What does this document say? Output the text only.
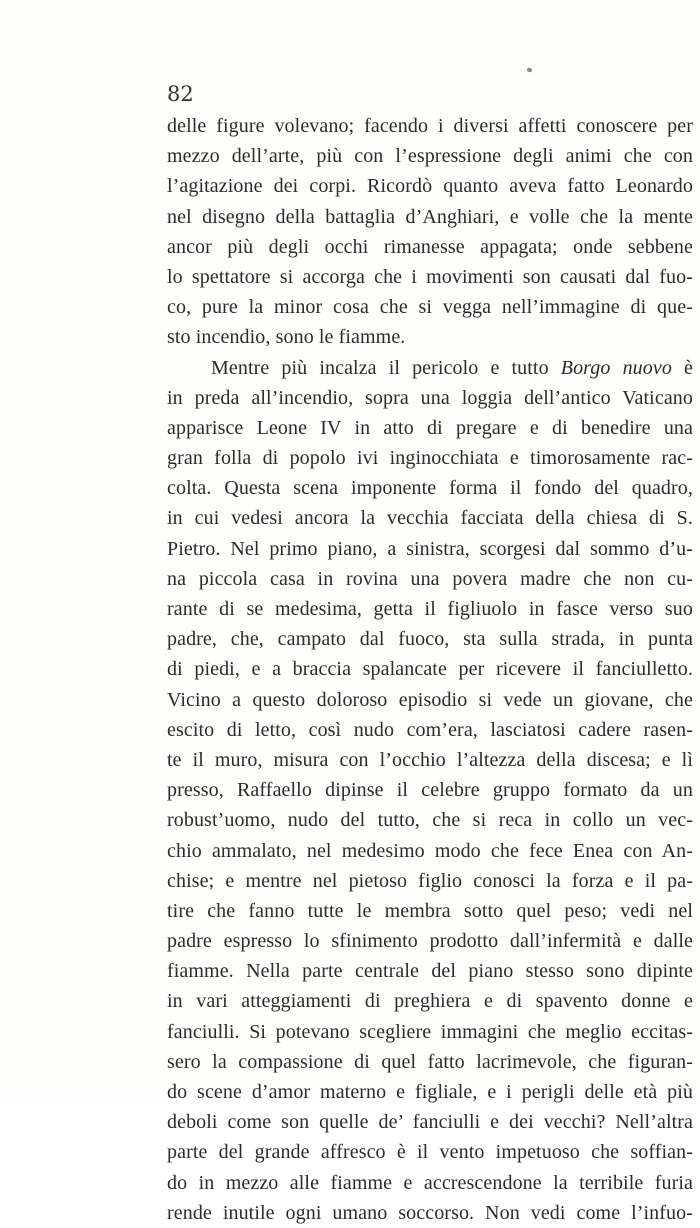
82
delle figure volevano; facendo i diversi affetti conoscere per
mezzo dell’arte, più con l’espressione degli animi che con
l’agitazione dei corpi. Ricordò quanto aveva fatto Leonardo
nel disegno della battaglia d’Anghiari, e volle che la mente
ancor più degli occhi rimanesse appagata; onde sebbene
lo spettatore si accorga che i movimenti son causati dal fuo-
co, pure la minor cosa che si vegga nell’immagine di que-
sto incendio, sono le fiamme.
Mentre più incalza il pericolo e tutto Borgo nuovo è
in preda all’incendio, sopra una loggia dell’antico Vaticano
apparisce Leone IV in atto di pregare e di benedire una
gran folla di popolo ivi inginocchiata e timorosamente rac-
colta. Questa scena imponente forma il fondo del quadro,
in cui vedesi ancora la vecchia facciata della chiesa di S.
Pietro. Nel primo piano, a sinistra, scorgesi dal sommo d’u-
na piccola casa in rovina una povera madre che non cu-
rante di se medesima, getta il figliuolo in fasce verso suo
padre, che, campato dal fuoco, sta sulla strada, in punta
di piedi, e a braccia spalancate per ricevere il fanciulletto.
Vicino a questo doloroso episodio si vede un giovane, che
escito di letto, così nudo com’era, lasciatosi cadere rasen-
te il muro, misura con l’occhio l’altezza della discesa; e lì
presso, Raffaello dipinse il celebre gruppo formato da un
robust’uomo, nudo del tutto, che si reca in collo un vec-
chio ammalato, nel medesimo modo che fece Enea con An-
chise; e mentre nel pietoso figlio conosci la forza e il pa-
tire che fanno tutte le membra sotto quel peso; vedi nel
padre espresso lo sfinimento prodotto dall’infermità e dalle
fiamme. Nella parte centrale del piano stesso sono dipinte
in vari atteggiamenti di preghiera e di spavento donne e
fanciulli. Si potevano scegliere immagini che meglio eccitas-
sero la compassione di quel fatto lacrimevole, che figuran-
do scene d’amor materno e figliale, e i perigli delle età più
deboli come son quelle de’ fanciulli e dei vecchi? Nell’altra
parte del grande affresco è il vento impetuoso che soffian-
do in mezzo alle fiamme e accrescendone la terribile furia
rende inutile ogni umano soccorso. Non vedi come l’infuo-
